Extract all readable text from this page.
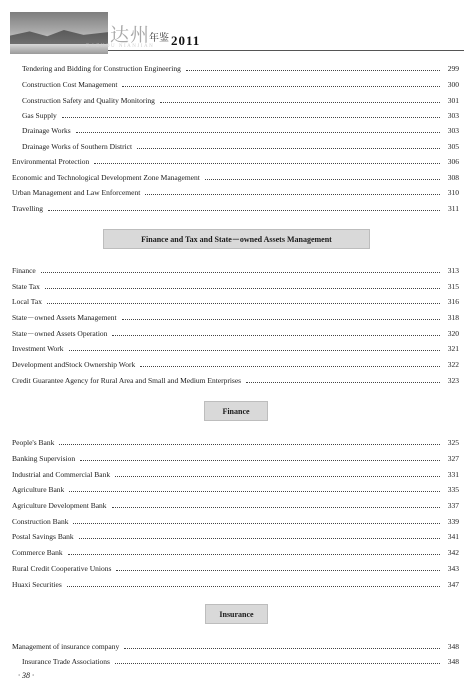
达州
年鉴 2011
DAZHOU NIANJIAN
Tendering and Bidding for Construction Engineering	299
Construction Cost Management	300
Construction Safety and Quality Monitoring	301
Gas Supply	303
Drainage Works	303
Drainage Works of Southern District	305
Environmental Protection	306
Economic and Technological Development Zone Management	308
Urban Management and Law Enforcement	310
Travelling	311
Finance and Tax and State－owned Assets Management
Finance	313
State Tax	315
Local Tax	316
State－owned Assets Management	318
State－owned Assets Operation	320
Investment Work	321
Development andStock Ownership Work	322
Credit Guarantee Agency for Rural Area and Small and Medium Enterprises	323
Finance
People's Bank	325
Banking Supervision	327
Industrial and Commercial Bank	331
Agriculture Bank	335
Agriculture Development Bank	337
Construction Bank	339
Postal Savings Bank	341
Commerce Bank	342
Rural Credit Cooperative Unions	343
Huaxi Securities	347
Insurance
Management of insurance company	348
Insurance Trade Associations	348
· 38 ·
